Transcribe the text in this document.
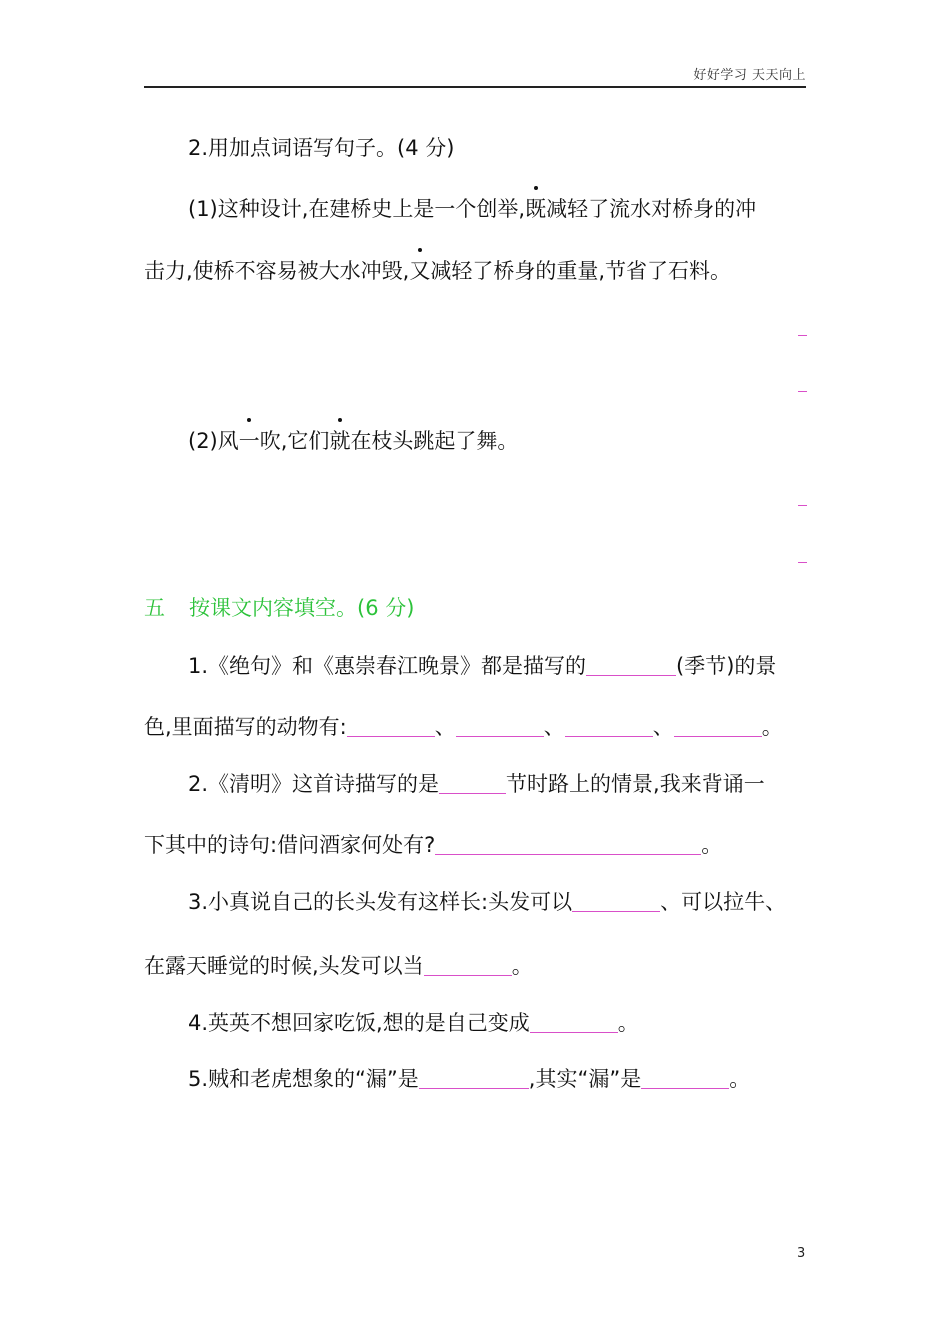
好好学习 天天向上
2.用加点词语写句子。(4 分)
(1)这种设计,在建桥史上是一个创举,既减轻了流水对桥身的冲
击力,使桥不容易被大水冲毁,又减轻了桥身的重量,节省了石料。
(2)风一吹,它们就在枝头跳起了舞。
五 按课文内容填空。(6 分)
1.《绝句》和《惠崇春江晚景》都是描写的	(季节)的景
色,里面描写的动物有:	、	、	、	。
2.《清明》这首诗描写的是	节时路上的情景,我来背诵一
下其中的诗句:借问酒家何处有?	。
3.小真说自己的长头发有这样长:头发可以	、可以拉牛、
在露天睡觉的时候,头发可以当	。
4.英英不想回家吃饭,想的是自己变成	。
5.贼和老虎想象的“漏”是	,其实“漏”是	。
3
